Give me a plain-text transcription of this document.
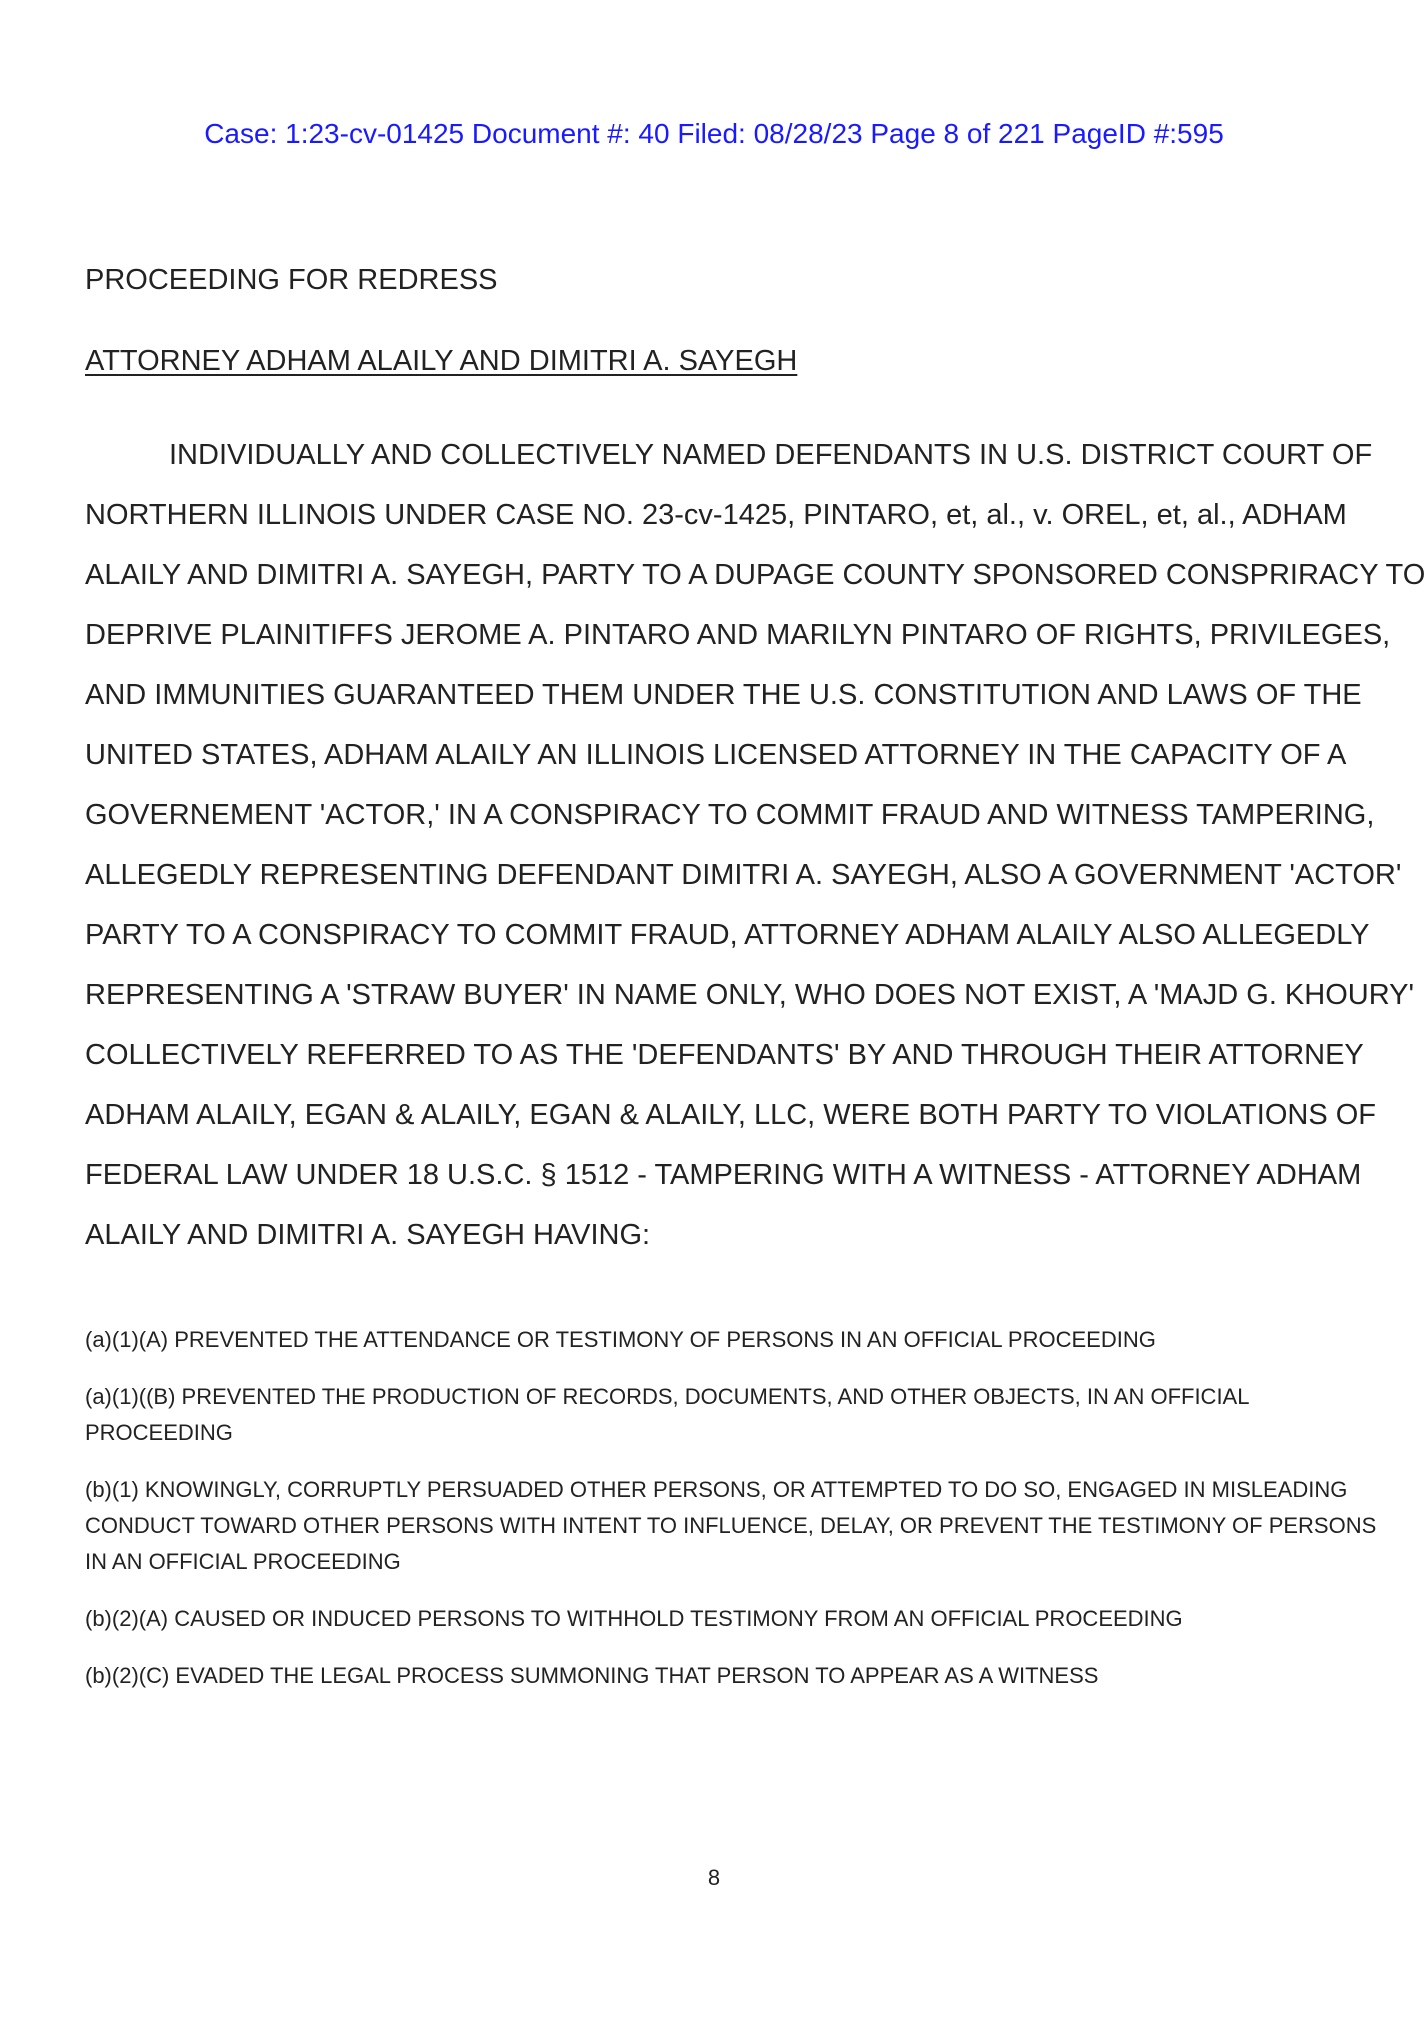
Case: 1:23-cv-01425 Document #: 40 Filed: 08/28/23 Page 8 of 221 PageID #:595
PROCEEDING FOR REDRESS
ATTORNEY ADHAM ALAILY AND DIMITRI A. SAYEGH
INDIVIDUALLY AND COLLECTIVELY NAMED DEFENDANTS IN U.S. DISTRICT COURT OF
NORTHERN ILLINOIS UNDER CASE NO. 23-cv-1425, PINTARO, et, al., v. OREL, et, al., ADHAM
ALAILY AND DIMITRI A. SAYEGH, PARTY TO A DUPAGE COUNTY SPONSORED CONSPRIRACY TO
DEPRIVE PLAINITIFFS JEROME A. PINTARO AND MARILYN PINTARO OF RIGHTS, PRIVILEGES,
AND IMMUNITIES GUARANTEED THEM UNDER THE U.S. CONSTITUTION AND LAWS OF THE
UNITED STATES, ADHAM ALAILY AN ILLINOIS LICENSED ATTORNEY IN THE CAPACITY OF A
GOVERNEMENT 'ACTOR,' IN A CONSPIRACY TO COMMIT FRAUD AND WITNESS TAMPERING,
ALLEGEDLY REPRESENTING DEFENDANT DIMITRI A. SAYEGH, ALSO A GOVERNMENT 'ACTOR'
PARTY TO A CONSPIRACY TO COMMIT FRAUD, ATTORNEY ADHAM ALAILY ALSO ALLEGEDLY
REPRESENTING A 'STRAW BUYER' IN NAME ONLY, WHO DOES NOT EXIST, A 'MAJD G. KHOURY'
COLLECTIVELY REFERRED TO AS THE 'DEFENDANTS' BY AND THROUGH THEIR ATTORNEY
ADHAM ALAILY, EGAN & ALAILY, EGAN & ALAILY, LLC, WERE BOTH PARTY TO VIOLATIONS OF
FEDERAL LAW UNDER 18 U.S.C. § 1512 - TAMPERING WITH A WITNESS - ATTORNEY ADHAM
ALAILY AND DIMITRI A. SAYEGH HAVING:
(a)(1)(A) PREVENTED THE ATTENDANCE OR TESTIMONY OF PERSONS IN AN OFFICIAL PROCEEDING
(a)(1)((B) PREVENTED THE PRODUCTION OF RECORDS, DOCUMENTS, AND OTHER OBJECTS, IN AN OFFICIAL
PROCEEDING
(b)(1) KNOWINGLY, CORRUPTLY PERSUADED OTHER PERSONS, OR ATTEMPTED TO DO SO, ENGAGED IN MISLEADING
CONDUCT TOWARD OTHER PERSONS WITH INTENT TO INFLUENCE, DELAY, OR PREVENT THE TESTIMONY OF PERSONS
IN AN OFFICIAL PROCEEDING
(b)(2)(A) CAUSED OR INDUCED PERSONS TO WITHHOLD TESTIMONY FROM AN OFFICIAL PROCEEDING
(b)(2)(C) EVADED THE LEGAL PROCESS SUMMONING THAT PERSON TO APPEAR AS A WITNESS
8
